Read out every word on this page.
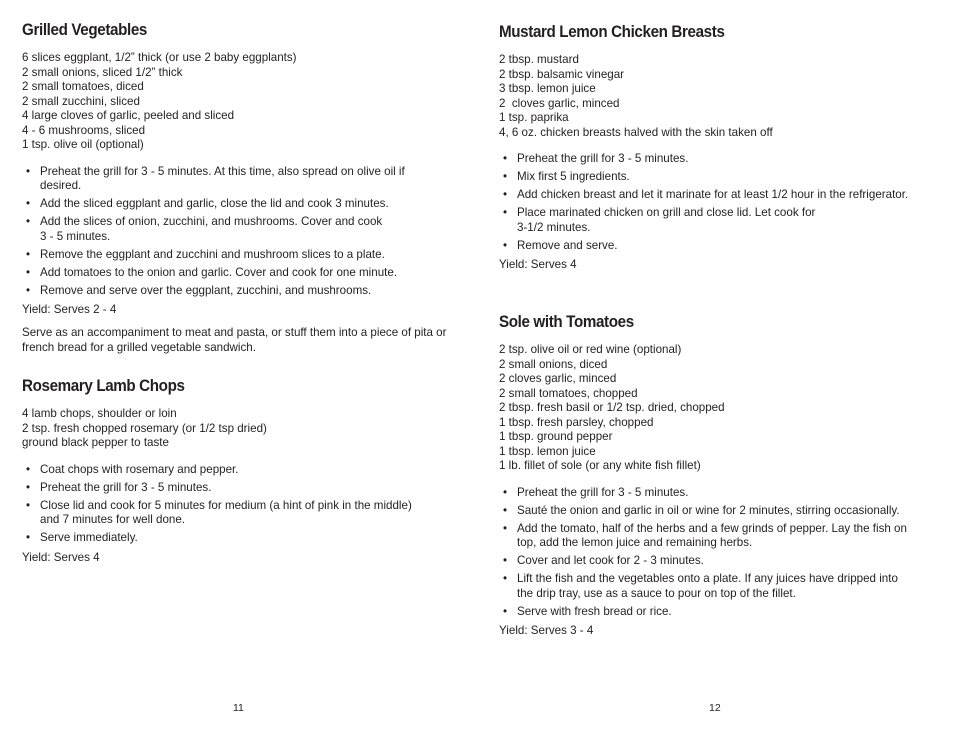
Grilled Vegetables
6 slices eggplant, 1/2” thick (or use 2 baby eggplants)
2 small onions, sliced 1/2” thick
2 small tomatoes, diced
2 small zucchini, sliced
4 large cloves of garlic, peeled and sliced
4 - 6 mushrooms, sliced
1 tsp. olive oil (optional)
• Preheat the grill for 3 - 5 minutes. At this time, also spread on olive oil if
desired.
• Add the sliced eggplant and garlic, close the lid and cook 3 minutes.
• Add the slices of onion, zucchini, and mushrooms. Cover and cook
3 - 5 minutes.
• Remove the eggplant and zucchini and mushroom slices to a plate.
• Add tomatoes to the onion and garlic. Cover and cook for one minute.
• Remove and serve over the eggplant, zucchini, and mushrooms.
Yield: Serves 2 - 4
Serve as an accompaniment to meat and pasta, or stuff them into a piece of pita or french bread for a grilled vegetable sandwich.
Rosemary Lamb Chops
4 lamb chops, shoulder or loin
2 tsp. fresh chopped rosemary (or 1/2 tsp dried)
ground black pepper to taste
• Coat chops with rosemary and pepper.
• Preheat the grill for 3 - 5 minutes.
• Close lid and cook for 5 minutes for medium (a hint of pink in the middle)
and 7 minutes for well done.
• Serve immediately.
Yield: Serves 4
11
Mustard Lemon Chicken Breasts
2 tbsp. mustard
2 tbsp. balsamic vinegar
3 tbsp. lemon juice
2  cloves garlic, minced
1 tsp. paprika
4, 6 oz. chicken breasts halved with the skin taken off
• Preheat the grill for 3 - 5 minutes.
• Mix first 5 ingredients.
• Add chicken breast and let it marinate for at least 1/2 hour in the refrigerator.
• Place marinated chicken on grill and close lid. Let cook for
3-1/2 minutes.
• Remove and serve.
Yield: Serves 4
Sole with Tomatoes
2 tsp. olive oil or red wine (optional)
2 small onions, diced
2 cloves garlic, minced
2 small tomatoes, chopped
2 tbsp. fresh basil or 1/2 tsp. dried, chopped
1 tbsp. fresh parsley, chopped
1 tbsp. ground pepper
1 tbsp. lemon juice
1 lb. fillet of sole (or any white fish fillet)
• Preheat the grill for 3 - 5 minutes.
• Sauté the onion and garlic in oil or wine for 2 minutes, stirring occasionally.
• Add the tomato, half of the herbs and a few grinds of pepper. Lay the fish on
top, add the lemon juice and remaining herbs.
• Cover and let cook for 2 - 3 minutes.
• Lift the fish and the vegetables onto a plate. If any juices have dripped into
the drip tray, use as a sauce to pour on top of the fillet.
• Serve with fresh bread or rice.
Yield: Serves 3 - 4
12
